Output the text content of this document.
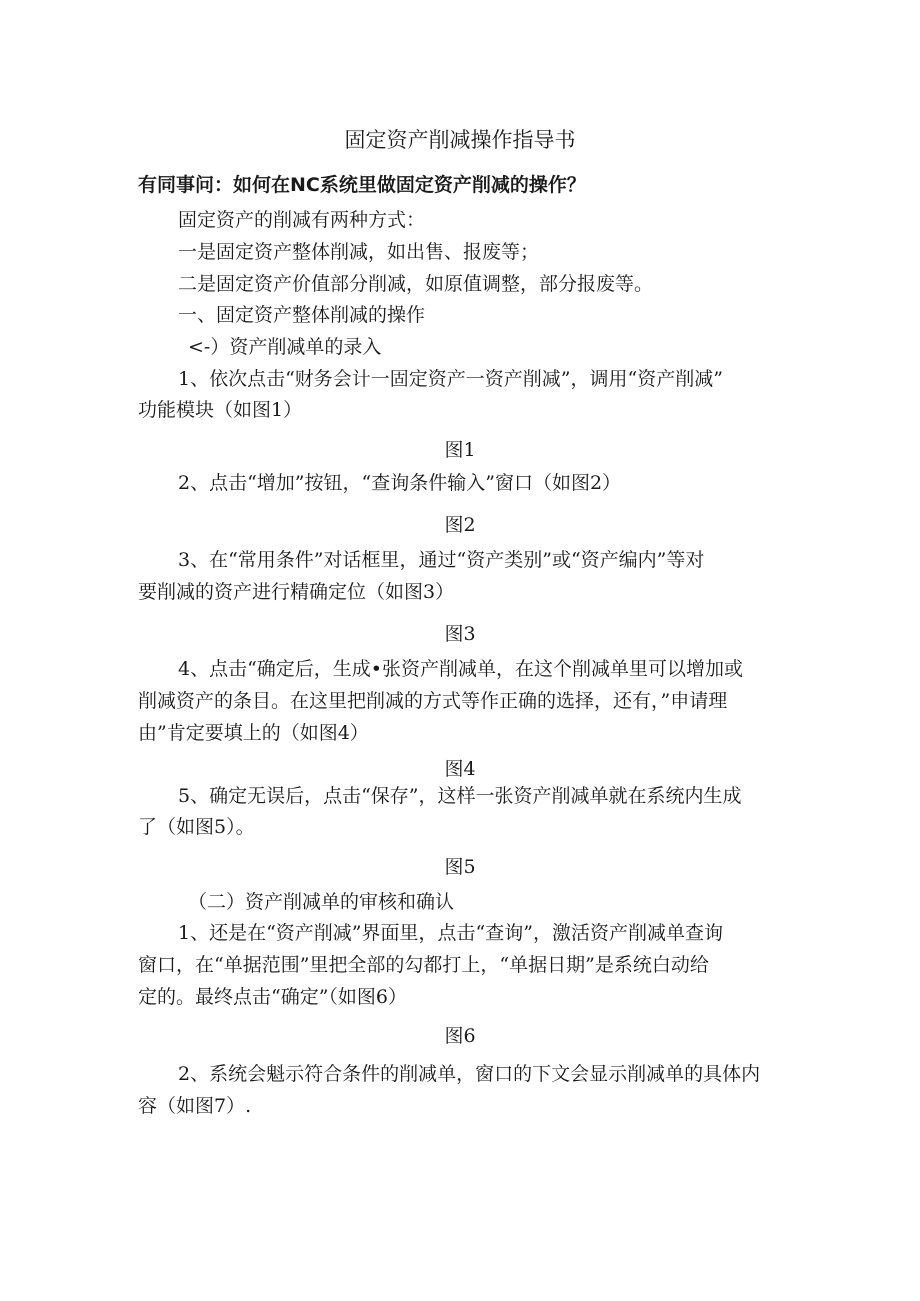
固定资产削减操作指导书
有同事问：如何在NC系统里做固定资产削减的操作？
固定资产的削减有两种方式：
一是固定资产整体削减，如出售、报废等；
二是固定资产价值部分削减，如原值调整，部分报废等。
一、固定资产整体削减的操作
<-）资产削减单的录入
1、依次点击“财务会计一固定资产一资产削减”，调用“资产削减”
功能模块（如图1）
图1
2、点击“增加”按钮，“查询条件输入”窗口（如图2）
图2
3、在“常用条件”对话框里，通过“资产类别”或“资产编内”等对
要削减的资产进行精确定位（如图3）
图3
4、点击“确定后，生成•张资产削减单，在这个削减单里可以增加或
削减资产的条目。在这里把削减的方式等作正确的选择，还有，”申请理
由”肯定要填上的（如图4）
图4
5、确定无误后，点击“保存”，这样一张资产削减单就在系统内生成
了（如图5）。
图5
（二）资产削减单的审核和确认
1、还是在“资产削减”界面里，点击“查询”，激活资产削减单查询
窗口，在“单据范围”里把全部的勾都打上，“单据日期”是系统白动给
定的。最终点击“确定”（如图6）
图6
2、系统会魁示符合条件的削减单，窗口的下文会显示削减单的具体内
容（如图7）.
